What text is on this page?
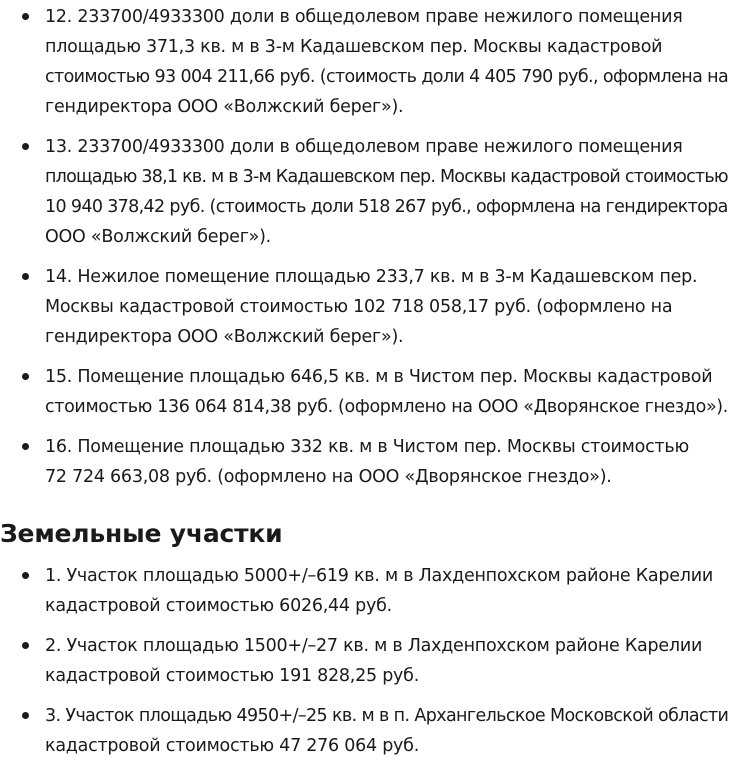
12. 233700/4933300 доли в общедолевом праве нежилого помещения
площадью 371,3 кв. м в 3-м Кадашевском пер. Москвы кадастровой
стоимостью 93 004 211,66 руб. (стоимость доли 4 405 790 руб., оформлена на
гендиректора ООО «Волжский берег»).
13. 233700/4933300 доли в общедолевом праве нежилого помещения
площадью 38,1 кв. м в 3-м Кадашевском пер. Москвы кадастровой стоимостью
10 940 378,42 руб. (стоимость доли 518 267 руб., оформлена на гендиректора
ООО «Волжский берег»).
14. Нежилое помещение площадью 233,7 кв. м в 3-м Кадашевском пер.
Москвы кадастровой стоимостью 102 718 058,17 руб. (оформлено на
гендиректора ООО «Волжский берег»).
15. Помещение площадью 646,5 кв. м в Чистом пер. Москвы кадастровой
стоимостью 136 064 814,38 руб. (оформлено на ООО «Дворянское гнездо»).
16. Помещение площадью 332 кв. м в Чистом пер. Москвы стоимостью
72 724 663,08 руб. (оформлено на ООО «Дворянское гнездо»).
Земельные участки
1. Участок площадью 5000+/–619 кв. м в Лахденпохском районе Карелии
кадастровой стоимостью 6026,44 руб.
2. Участок площадью 1500+/–27 кв. м в Лахденпохском районе Карелии
кадастровой стоимостью 191 828,25 руб.
3. Участок площадью 4950+/–25 кв. м в п. Архангельское Московской области
кадастровой стоимостью 47 276 064 руб.
